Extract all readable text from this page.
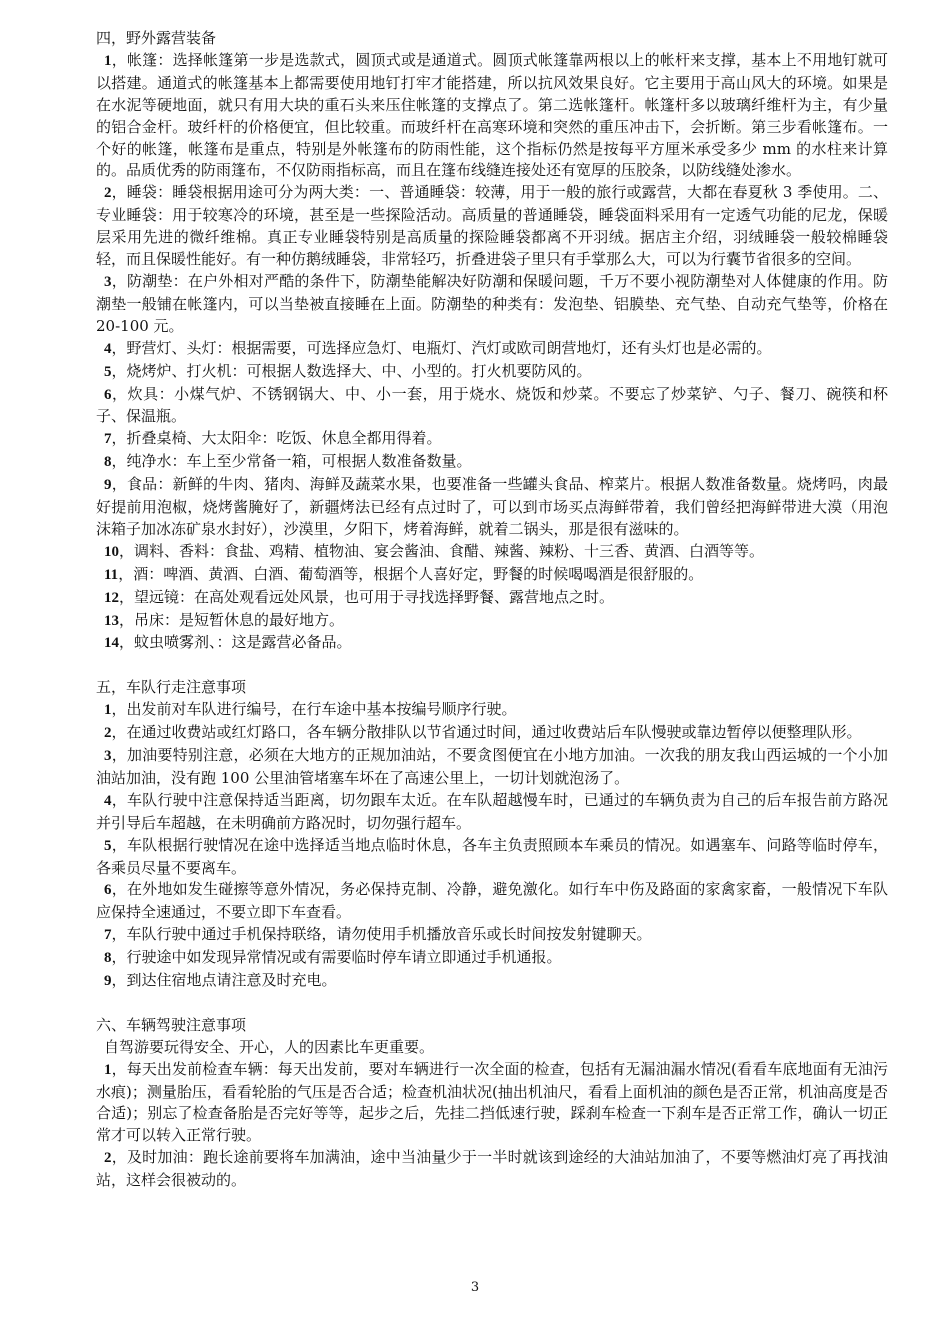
四，野外露营装备

1，帐篷：选择帐篷第一步是选款式，圆顶式或是通道式。圆顶式帐篷靠两根以上的帐杆来支撑，基本上不用地钉就可以搭建。通道式的帐篷基本上都需要使用地钉打牢才能搭建，所以抗风效果良好。它主要用于高山风大的环境。如果是在水泥等硬地面，就只有用大块的重石头来压住帐篷的支撑点了。第二选帐篷杆。帐篷杆多以玻璃纤维杆为主，有少量的铝合金杆。玻纤杆的价格便宜，但比较重。而玻纤杆在高寒环境和突然的重压冲击下，会折断。第三步看帐篷布。一个好的帐篷，帐篷布是重点，特别是外帐篷布的防雨性能，这个指标仍然是按每平方厘米承受多少 mm 的水柱来计算的。品质优秀的防雨篷布，不仅防雨指标高，而且在篷布线缝连接处还有宽厚的压胶条，以防线缝处渗水。

2，睡袋：睡袋根据用途可分为两大类：一、普通睡袋：较薄，用于一般的旅行或露营，大都在春夏秋 3 季使用。二、专业睡袋：用于较寒冷的环境，甚至是一些探险活动。高质量的普通睡袋，睡袋面料采用有一定透气功能的尼龙，保暖层采用先进的微纤维棉。真正专业睡袋特别是高质量的探险睡袋都离不开羽绒。据店主介绍，羽绒睡袋一般较棉睡袋轻，而且保暖性能好。有一种仿鹅绒睡袋，非常轻巧，折叠进袋子里只有手掌那么大，可以为行囊节省很多的空间。

3，防潮垫：在户外相对严酷的条件下，防潮垫能解决好防潮和保暖问题，千万不要小视防潮垫对人体健康的作用。防潮垫一般铺在帐篷内，可以当垫被直接睡在上面。防潮垫的种类有：发泡垫、铝膜垫、充气垫、自动充气垫等，价格在 20-100 元。

4，野营灯、头灯：根据需要，可选择应急灯、电瓶灯、汽灯或欧司朗营地灯，还有头灯也是必需的。

5，烧烤炉、打火机：可根据人数选择大、中、小型的。打火机要防风的。

6，炊具：小煤气炉、不锈钢锅大、中、小一套，用于烧水、烧饭和炒菜。不要忘了炒菜铲、勺子、餐刀、碗筷和杯子、保温瓶。

7，折叠桌椅、大太阳伞：吃饭、休息全都用得着。

8，纯净水：车上至少常备一箱，可根据人数准备数量。

9，食品：新鲜的牛肉、猪肉、海鲜及蔬菜水果，也要准备一些罐头食品、榨菜片。根据人数准备数量。烧烤吗，肉最好提前用泡椒，烧烤酱腌好了，新疆烤法已经有点过时了，可以到市场买点海鲜带着，我们曾经把海鲜带进大漠（用泡沫箱子加冰冻矿泉水封好），沙漠里，夕阳下，烤着海鲜，就着二锅头，那是很有滋味的。

10，调料、香料：食盐、鸡精、植物油、宴会酱油、食醋、辣酱、辣粉、十三香、黄酒、白酒等等。

11，酒：啤酒、黄酒、白酒、葡萄酒等，根据个人喜好定，野餐的时候喝喝酒是很舒服的。

12，望远镜：在高处观看远处风景，也可用于寻找选择野餐、露营地点之时。

13，吊床：是短暂休息的最好地方。

14，蚊虫喷雾剂、：这是露营必备品。

五，车队行走注意事项

1，出发前对车队进行编号，在行车途中基本按编号顺序行驶。

2，在通过收费站或红灯路口，各车辆分散排队以节省通过时间，通过收费站后车队慢驶或靠边暂停以便整理队形。

3，加油要特别注意，必须在大地方的正规加油站，不要贪图便宜在小地方加油。一次我的朋友我山西运城的一个小加油站加油，没有跑 100 公里油管堵塞车坏在了高速公里上，一切计划就泡汤了。

4，车队行驶中注意保持适当距离，切勿跟车太近。在车队超越慢车时，已通过的车辆负责为自己的后车报告前方路况并引导后车超越，在未明确前方路况时，切勿强行超车。

5，车队根据行驶情况在途中选择适当地点临时休息，各车主负责照顾本车乘员的情况。如遇塞车、问路等临时停车，各乘员尽量不要离车。

6，在外地如发生碰擦等意外情况，务必保持克制、冷静，避免激化。如行车中伤及路面的家禽家畜，一般情况下车队应保持全速通过，不要立即下车查看。

7，车队行驶中通过手机保持联络，请勿使用手机播放音乐或长时间按发射键聊天。

8，行驶途中如发现异常情况或有需要临时停车请立即通过手机通报。

9，到达住宿地点请注意及时充电。

六、车辆驾驶注意事项

自驾游要玩得安全、开心，人的因素比车更重要。

1，每天出发前检查车辆：每天出发前，要对车辆进行一次全面的检查，包括有无漏油漏水情况(看看车底地面有无油污水痕)；测量胎压，看看轮胎的气压是否合适；检查机油状况(抽出机油尺，看看上面机油的颜色是否正常，机油高度是否合适)；别忘了检查备胎是否完好等等，起步之后，先挂二挡低速行驶，踩刹车检查一下刹车是否正常工作，确认一切正常才可以转入正常行驶。

2，及时加油：跑长途前要将车加满油，途中当油量少于一半时就该到途经的大油站加油了，不要等燃油灯亮了再找油站，这样会很被动的。

3
